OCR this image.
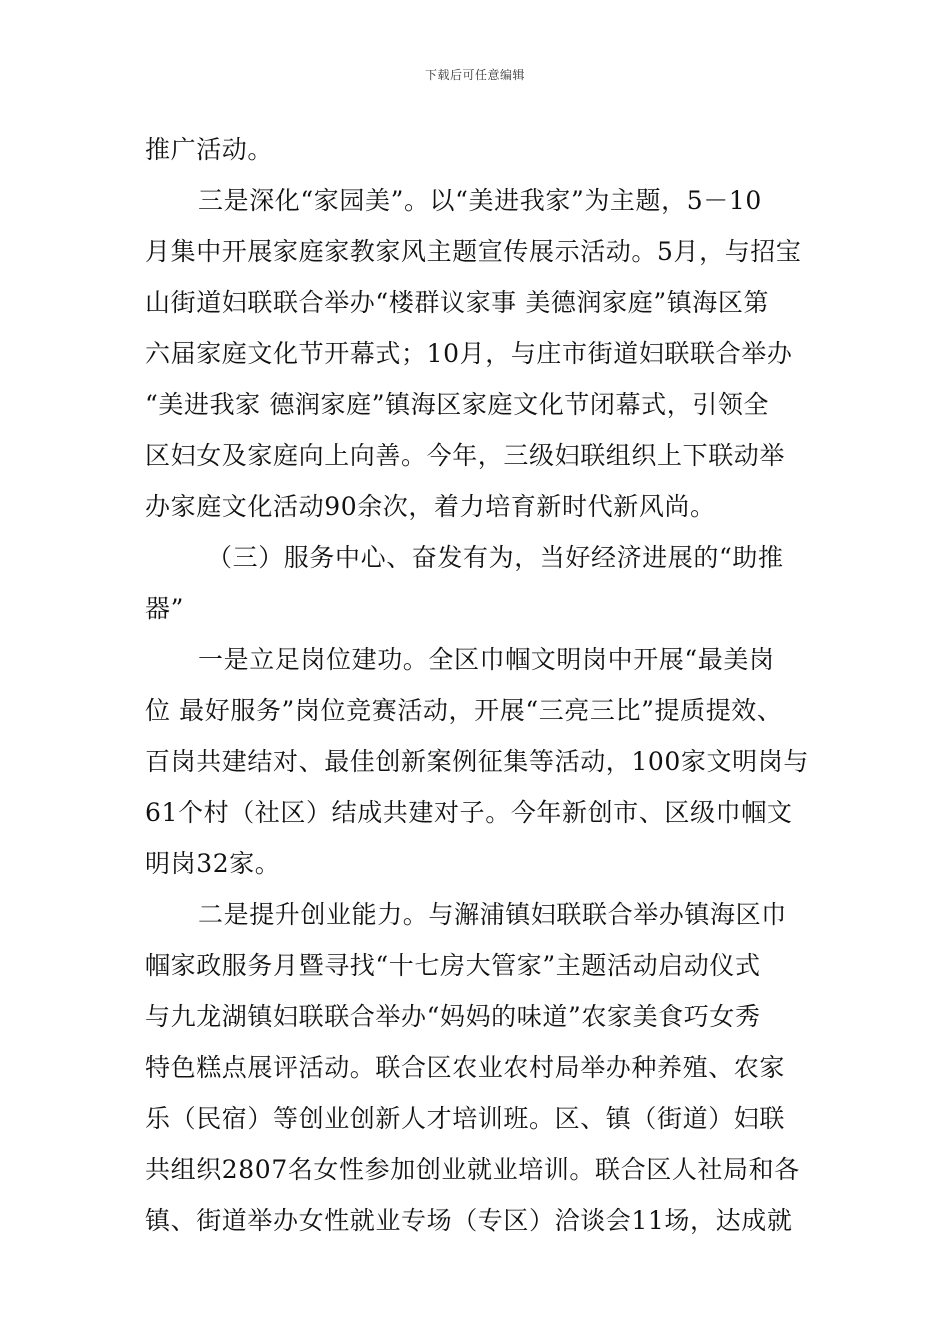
下载后可任意编辑
推广活动。
三是深化“家园美”。以“美进我家”为主题，5－10
月集中开展家庭家教家风主题宣传展示活动。5月，与招宝
山街道妇联联合举办“楼群议家事 美德润家庭”镇海区第
六届家庭文化节开幕式；10月，与庄市街道妇联联合举办
“美进我家 德润家庭”镇海区家庭文化节闭幕式，引领全
区妇女及家庭向上向善。今年，三级妇联组织上下联动举
办家庭文化活动90余次，着力培育新时代新风尚。
（三）服务中心、奋发有为，当好经济进展的“助推
器”
一是立足岗位建功。全区巾帼文明岗中开展“最美岗
位 最好服务”岗位竞赛活动，开展“三亮三比”提质提效、
百岗共建结对、最佳创新案例征集等活动，100家文明岗与
61个村（社区）结成共建对子。今年新创市、区级巾帼文
明岗32家。
二是提升创业能力。与澥浦镇妇联联合举办镇海区巾
帼家政服务月暨寻找“十七房大管家”主题活动启动仪式
与九龙湖镇妇联联合举办“妈妈的味道”农家美食巧女秀
特色糕点展评活动。联合区农业农村局举办种养殖、农家
乐（民宿）等创业创新人才培训班。区、镇（街道）妇联
共组织2807名女性参加创业就业培训。联合区人社局和各
镇、街道举办女性就业专场（专区）洽谈会11场，达成就
